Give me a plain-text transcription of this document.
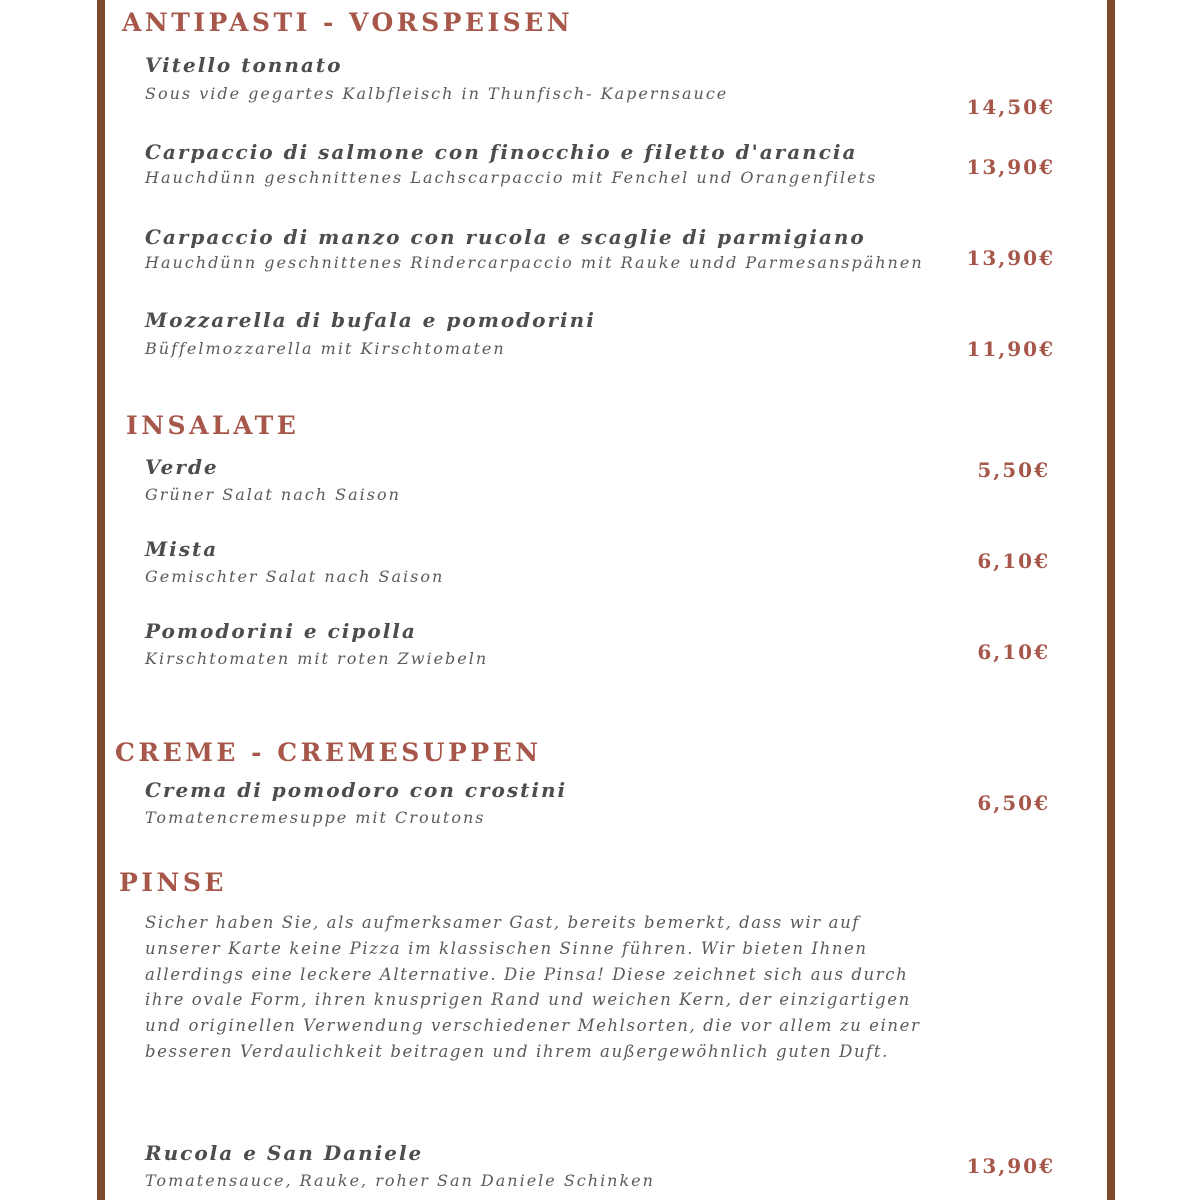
ANTIPASTI - VORSPEISEN
Vitello tonnato
Sous vide gegartes Kalbfleisch in Thunfisch- Kapernsauce
14,50€
Carpaccio di salmone con finocchio e filetto d'arancia
Hauchdünn geschnittenes Lachscarpaccio mit Fenchel und Orangenfilets	13,90€
Carpaccio di manzo con rucola e scaglie di parmigiano
Hauchdünn geschnittenes Rindercarpaccio mit Rauke undd Parmesanspähnen 13,90€
Mozzarella di bufala e pomodorini
Büffelmozzarella mit Kirschtomaten	11,90€
INSALATE
Verde
Grüner Salat nach Saison
5,50€
Mista
Gemischter Salat nach Saison
6,10€
Pomodorini e cipolla
Kirschtomaten mit roten Zwiebeln	6,10€
CREME - CREMESUPPEN
Crema di pomodoro con crostini
Tomatencremesuppe mit Croutons
6,50€
PINSE

Sicher haben Sie, als aufmerksamer Gast, bereits bemerkt, dass wir auf unserer Karte keine Pizza im klassischen Sinne führen. Wir bieten Ihnen allerdings eine leckere Alternative. Die Pinsa! Diese zeichnet sich aus durch ihre ovale Form, ihren knusprigen Rand und weichen Kern, der einzigartigen und originellen Verwendung verschiedener Mehlsorten, die vor allem zu einer besseren Verdaulichkeit beitragen und ihrem außergewöhnlich guten Duft.

Rucola e San Daniele
Tomatensauce, Rauke, roher San Daniele Schinken
13,90€
